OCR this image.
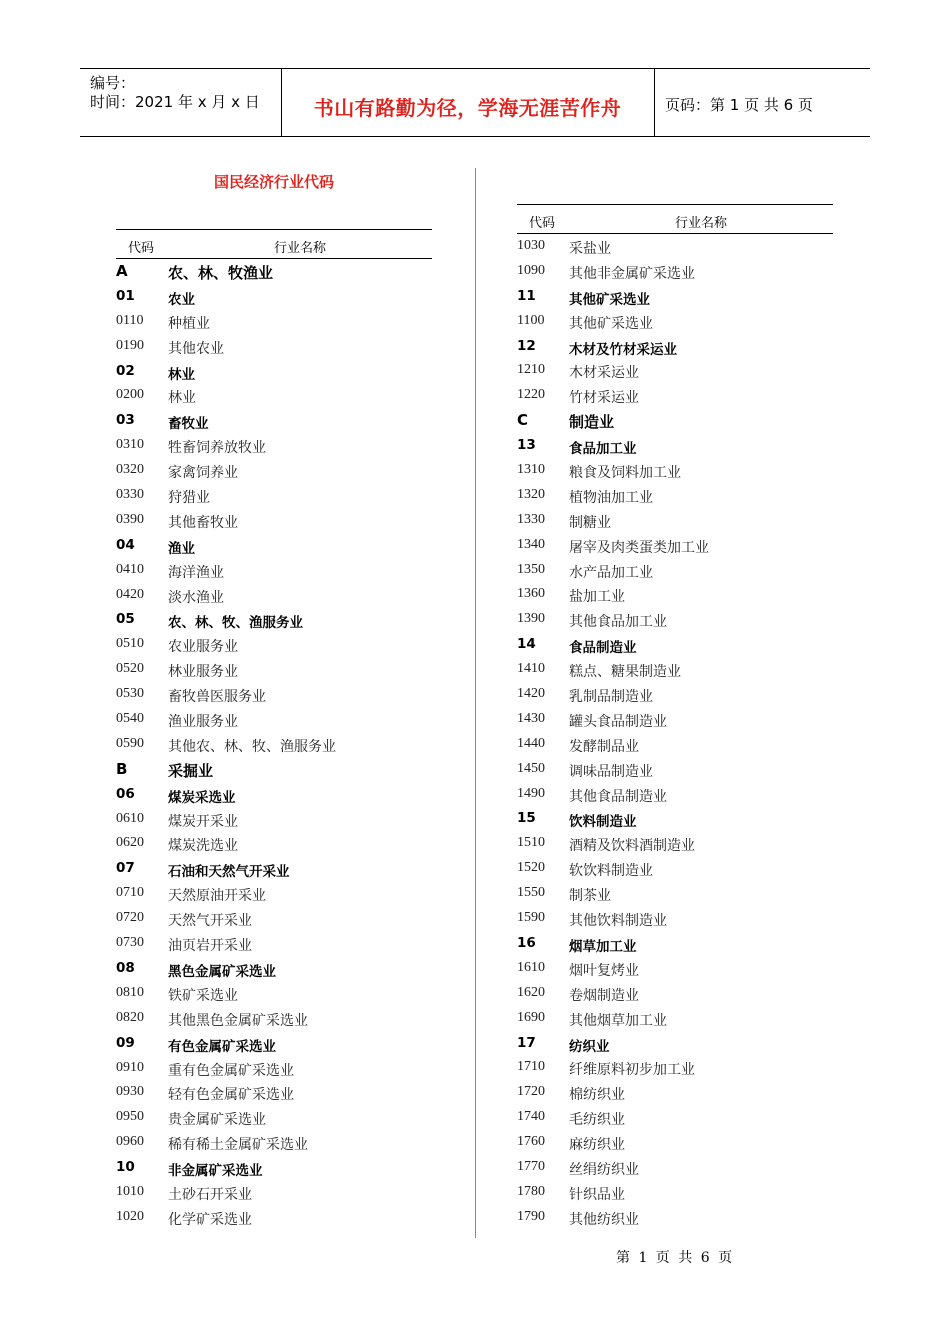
编号：
时间：2021 年 x 月 x 日	书山有路勤为径，学海无涯苦作舟	页码：第 1 页 共 6 页
国民经济行业代码
代码	行业名称
A	农、林、牧渔业
01 农业
0110 种植业
0190 其他农业
02 林业
0200 林业
03 畜牧业
0310 牲畜饲养放牧业
0320 家禽饲养业
0330 狩猎业
0390 其他畜牧业
04 渔业
0410 海洋渔业
0420 淡水渔业
05 农、林、牧、渔服务业
0510 农业服务业
0520 林业服务业
0530 畜牧兽医服务业
0540 渔业服务业
0590 其他农、林、牧、渔服务业
B	采掘业
06 煤炭采选业
0610 煤炭开采业
0620 煤炭洗选业
07 石油和天然气开采业
0710 天然原油开采业
0720 天然气开采业
0730 油页岩开采业
08 黑色金属矿采选业
0810 铁矿采选业
0820 其他黑色金属矿采选业
09 有色金属矿采选业
0910 重有色金属矿采选业
0930 轻有色金属矿采选业
0950 贵金属矿采选业
0960 稀有稀土金属矿采选业
10 非金属矿采选业
1010 土砂石开采业
1020 化学矿采选业
代码	行业名称
1030 采盐业
1090 其他非金属矿采选业
11 其他矿采选业
1100 其他矿采选业
12 木材及竹材采运业
1210 木材采运业
1220 竹材采运业
C	制造业
13 食品加工业
1310 粮食及饲料加工业
1320 植物油加工业
1330 制糖业
1340 屠宰及肉类蛋类加工业
1350 水产品加工业
1360 盐加工业
1390 其他食品加工业
14 食品制造业
1410 糕点、糖果制造业
1420 乳制品制造业
1430 罐头食品制造业
1440 发酵制品业
1450 调味品制造业
1490 其他食品制造业
15 饮料制造业
1510 酒精及饮料酒制造业
1520 软饮料制造业
1550 制茶业
1590 其他饮料制造业
16 烟草加工业
1610 烟叶复烤业
1620 卷烟制造业
1690 其他烟草加工业
17 纺织业
1710 纤维原料初步加工业
1720 棉纺织业
1740 毛纺织业
1760 麻纺织业
1770 丝绢纺织业
1780 针织品业
1790 其他纺织业
第 1 页 共 6 页
